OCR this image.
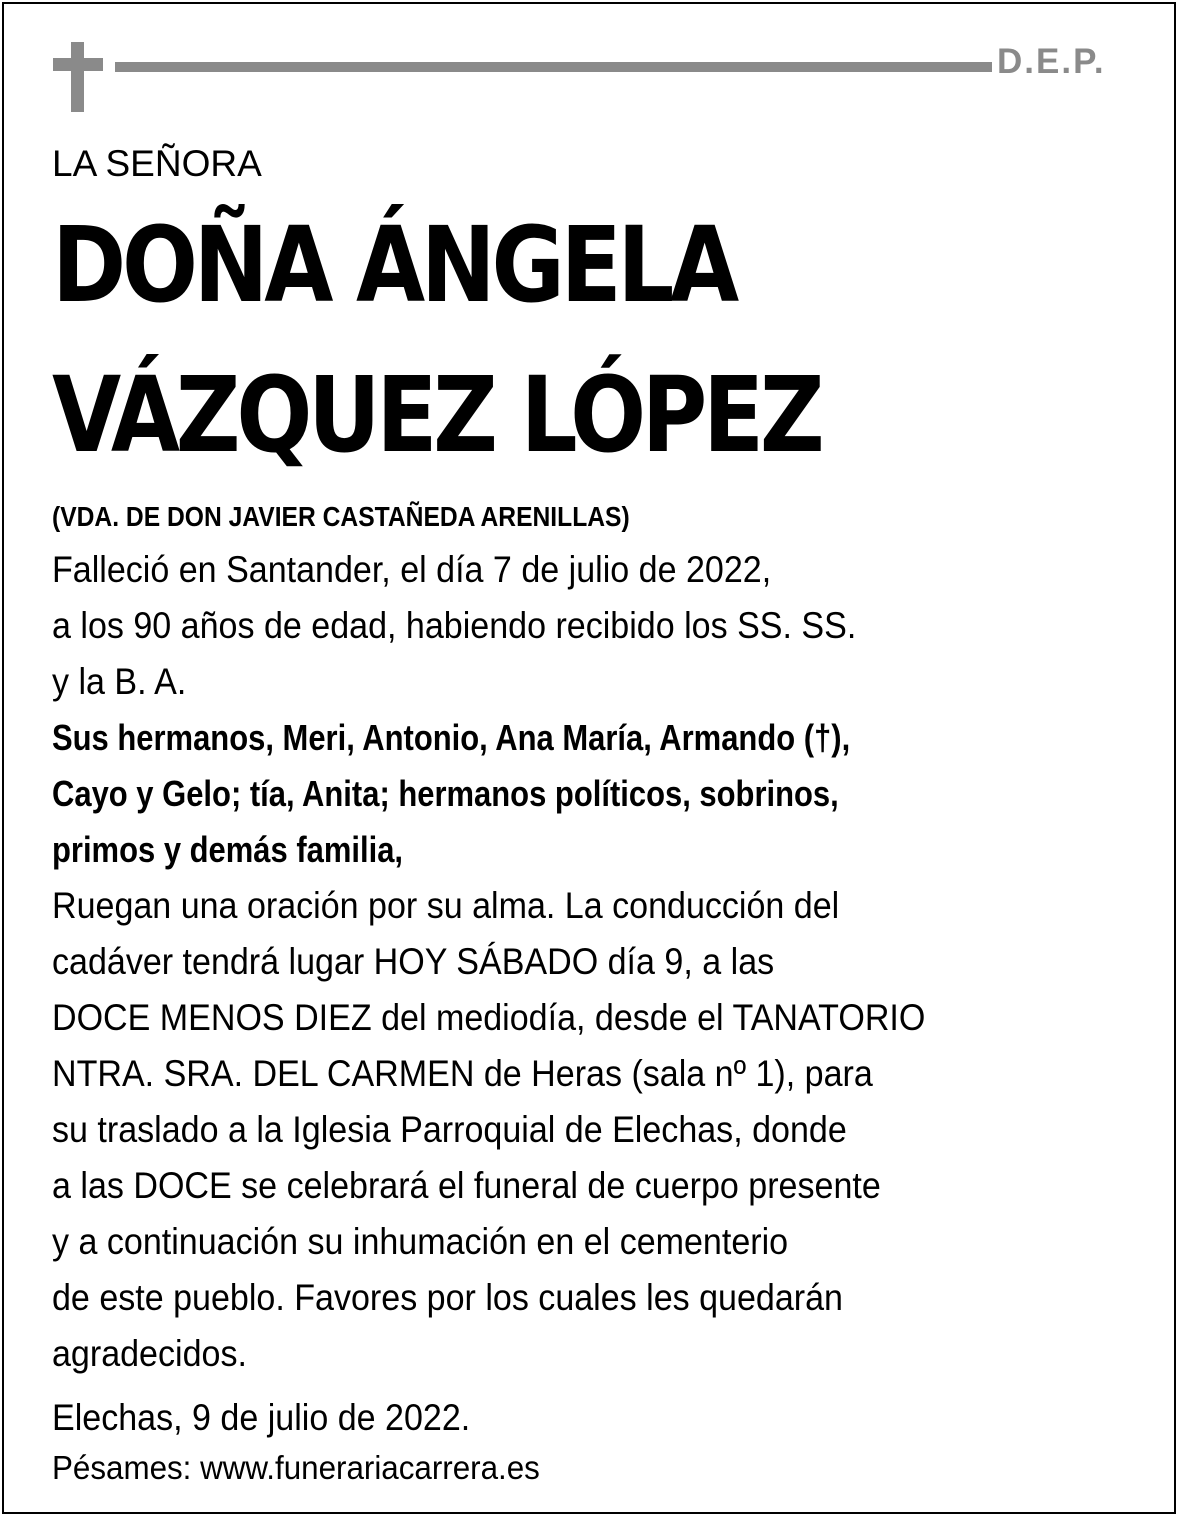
D.E.P.
LA SEÑORA
DOÑA ÁNGELA
VÁZQUEZ LÓPEZ
(VDA. DE DON JAVIER CASTAÑEDA ARENILLAS)
Falleció en Santander, el día 7 de julio de 2022,
a los 90 años de edad, habiendo recibido los SS. SS.
y la B. A.
Sus hermanos, Meri, Antonio, Ana María, Armando (†),
Cayo y Gelo; tía, Anita; hermanos políticos, sobrinos,
primos y demás familia,
Ruegan una oración por su alma. La conducción del
cadáver tendrá lugar HOY SÁBADO día 9, a las
DOCE MENOS DIEZ del mediodía, desde el TANATORIO
NTRA. SRA. DEL CARMEN de Heras (sala nº 1), para
su traslado a la Iglesia Parroquial de Elechas, donde
a las DOCE se celebrará el funeral de cuerpo presente
y a continuación su inhumación en el cementerio
de este pueblo. Favores por los cuales les quedarán
agradecidos.
Elechas, 9 de julio de 2022.
Pésames: www.funerariacarrera.es
